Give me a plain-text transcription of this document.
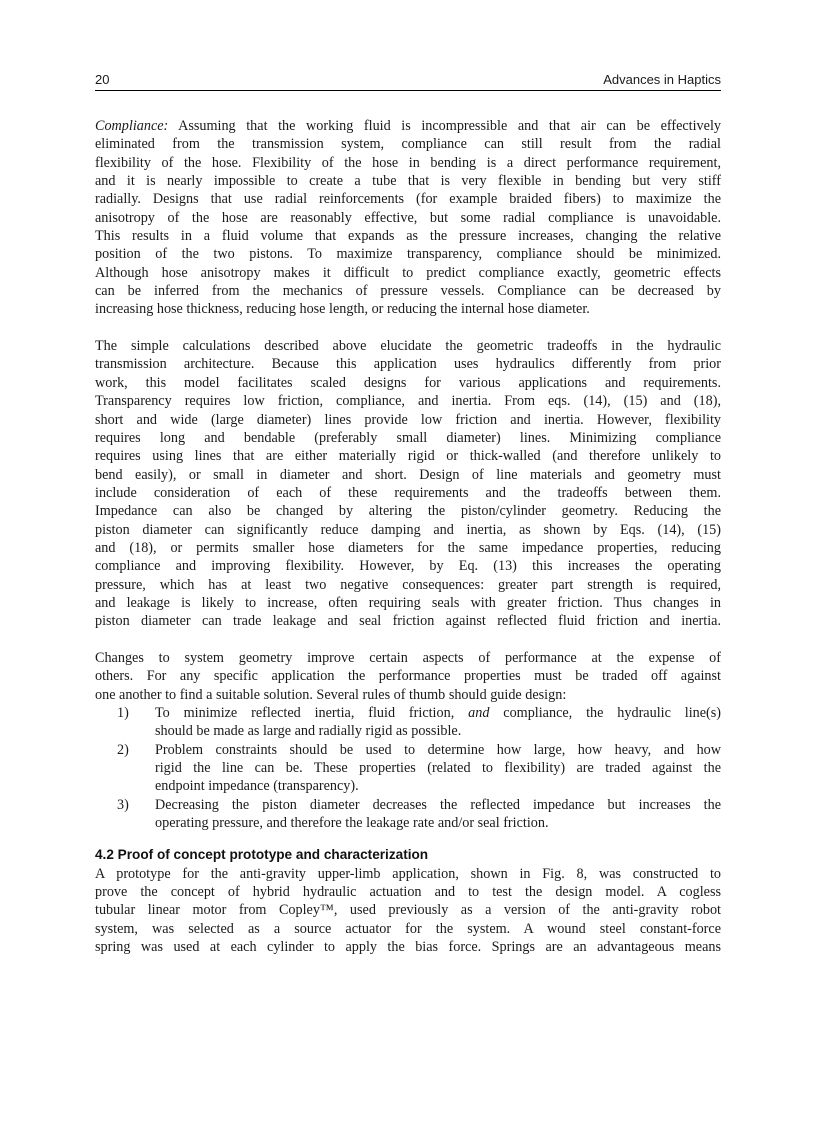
20	Advances in Haptics
Compliance: Assuming that the working fluid is incompressible and that air can be effectively
eliminated from the transmission system, compliance can still result from the radial
flexibility of the hose. Flexibility of the hose in bending is a direct performance requirement,
and it is nearly impossible to create a tube that is very flexible in bending but very stiff
radially. Designs that use radial reinforcements (for example braided fibers) to maximize the
anisotropy of the hose are reasonably effective, but some radial compliance is unavoidable.
This results in a fluid volume that expands as the pressure increases, changing the relative
position of the two pistons. To maximize transparency, compliance should be minimized.
Although hose anisotropy makes it difficult to predict compliance exactly, geometric effects
can be inferred from the mechanics of pressure vessels. Compliance can be decreased by
increasing hose thickness, reducing hose length, or reducing the internal hose diameter.
The simple calculations described above elucidate the geometric tradeoffs in the hydraulic
transmission architecture. Because this application uses hydraulics differently from prior
work, this model facilitates scaled designs for various applications and requirements.
Transparency requires low friction, compliance, and inertia. From eqs. (14), (15) and (18),
short and wide (large diameter) lines provide low friction and inertia. However, flexibility
requires long and bendable (preferably small diameter) lines. Minimizing compliance
requires using lines that are either materially rigid or thick-walled (and therefore unlikely to
bend easily), or small in diameter and short. Design of line materials and geometry must
include consideration of each of these requirements and the tradeoffs between them.
Impedance can also be changed by altering the piston/cylinder geometry. Reducing the
piston diameter can significantly reduce damping and inertia, as shown by Eqs. (14), (15)
and (18), or permits smaller hose diameters for the same impedance properties, reducing
compliance and improving flexibility. However, by Eq. (13) this increases the operating
pressure, which has at least two negative consequences: greater part strength is required,
and leakage is likely to increase, often requiring seals with greater friction. Thus changes in
piston diameter can trade leakage and seal friction against reflected fluid friction and inertia.
Changes to system geometry improve certain aspects of performance at the expense of
others. For any specific application the performance properties must be traded off against
one another to find a suitable solution. Several rules of thumb should guide design:
1) To minimize reflected inertia, fluid friction, and compliance, the hydraulic line(s)
should be made as large and radially rigid as possible.
2) Problem constraints should be used to determine how large, how heavy, and how
rigid the line can be. These properties (related to flexibility) are traded against the
endpoint impedance (transparency).
3) Decreasing the piston diameter decreases the reflected impedance but increases the
operating pressure, and therefore the leakage rate and/or seal friction.
4.2 Proof of concept prototype and characterization
A prototype for the anti-gravity upper-limb application, shown in Fig. 8, was constructed to
prove the concept of hybrid hydraulic actuation and to test the design model. A cogless
tubular linear motor from Copley™, used previously as a version of the anti-gravity robot
system, was selected as a source actuator for the system. A wound steel constant-force
spring was used at each cylinder to apply the bias force. Springs are an advantageous means
